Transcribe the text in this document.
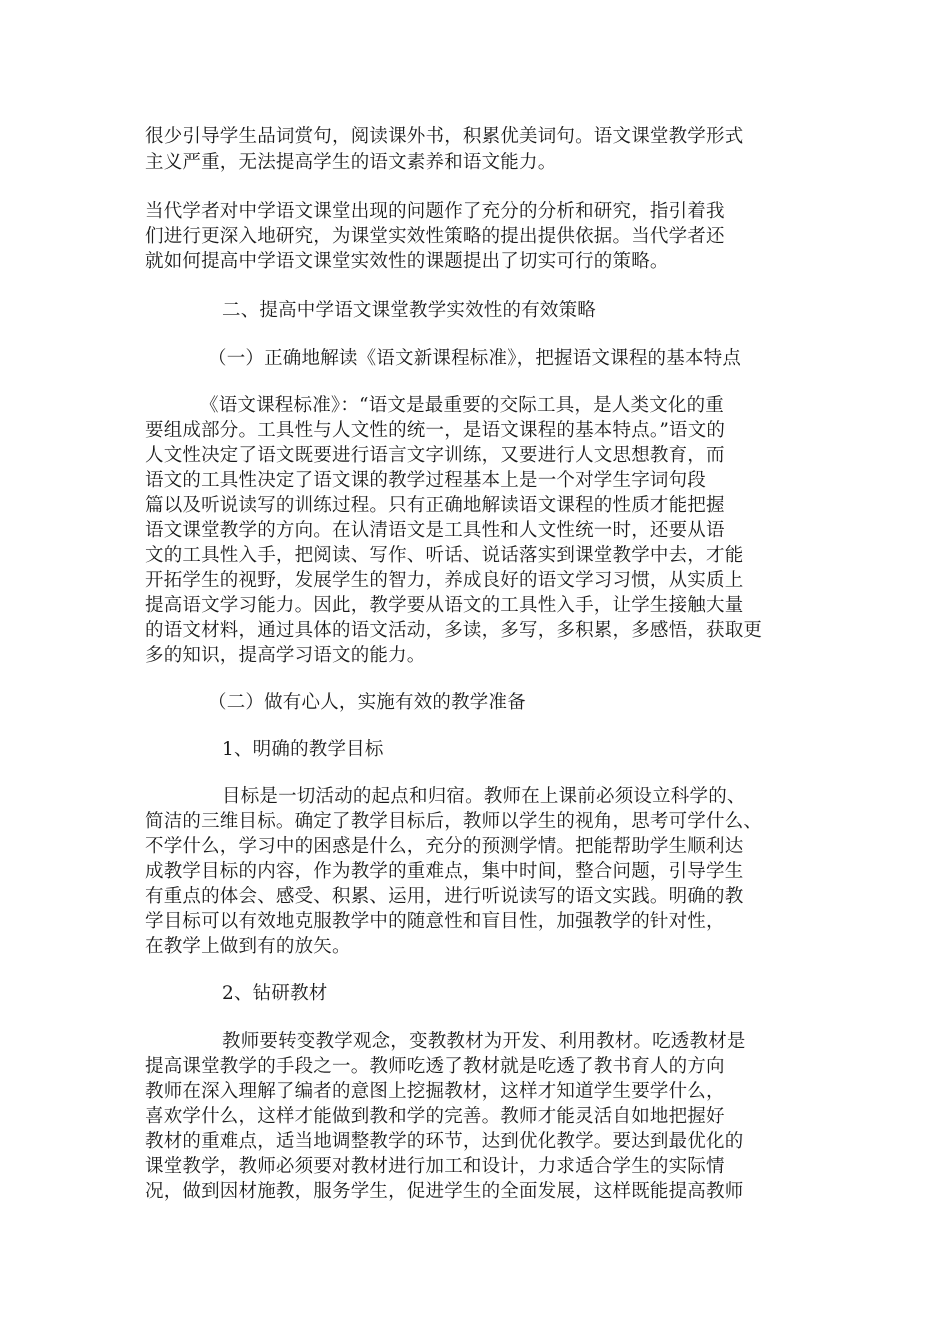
很少引导学生品词赏句，阅读课外书，积累优美词句。语文课堂教学形式

主义严重，无法提高学生的语文素养和语文能力。

当代学者对中学语文课堂出现的问题作了充分的分析和研究，指引着我

们进行更深入地研究，为课堂实效性策略的提出提供依据。当代学者还

就如何提高中学语文课堂实效性的课题提出了切实可行的策略。

二、提高中学语文课堂教学实效性的有效策略

（一）正确地解读《语文新课程标准》，把握语文课程的基本特点

《语文课程标准》：“语文是最重要的交际工具，是人类文化的重

要组成部分。工具性与人文性的统一，是语文课程的基本特点。”语文的

人文性决定了语文既要进行语言文字训练，又要进行人文思想教育，而

语文的工具性决定了语文课的教学过程基本上是一个对学生字词句段

篇以及听说读写的训练过程。只有正确地解读语文课程的性质才能把握

语文课堂教学的方向。在认清语文是工具性和人文性统一时，还要从语

文的工具性入手，把阅读、写作、听话、说话落实到课堂教学中去，才能

开拓学生的视野，发展学生的智力，养成良好的语文学习习惯，从实质上

提高语文学习能力。因此，教学要从语文的工具性入手，让学生接触大量

的语文材料，通过具体的语文活动，多读，多写，多积累，多感悟，获取更

多的知识，提高学习语文的能力。

（二）做有心人，实施有效的教学准备

1、明确的教学目标

目标是一切活动的起点和归宿。教师在上课前必须设立科学的、

简洁的三维目标。确定了教学目标后，教师以学生的视角，思考可学什么、

不学什么，学习中的困惑是什么，充分的预测学情。把能帮助学生顺利达

成教学目标的内容，作为教学的重难点，集中时间，整合问题，引导学生

有重点的体会、感受、积累、运用，进行听说读写的语文实践。明确的教

学目标可以有效地克服教学中的随意性和盲目性，加强教学的针对性，

在教学上做到有的放矢。

2、钻研教材

教师要转变教学观念，变教教材为开发、利用教材。吃透教材是

提高课堂教学的手段之一。教师吃透了教材就是吃透了教书育人的方向

教师在深入理解了编者的意图上挖掘教材，这样才知道学生要学什么，

喜欢学什么，这样才能做到教和学的完善。教师才能灵活自如地把握好

教材的重难点，适当地调整教学的环节，达到优化教学。要达到最优化的

课堂教学，教师必须要对教材进行加工和设计，力求适合学生的实际情

况，做到因材施教，服务学生，促进学生的全面发展，这样既能提高教师
